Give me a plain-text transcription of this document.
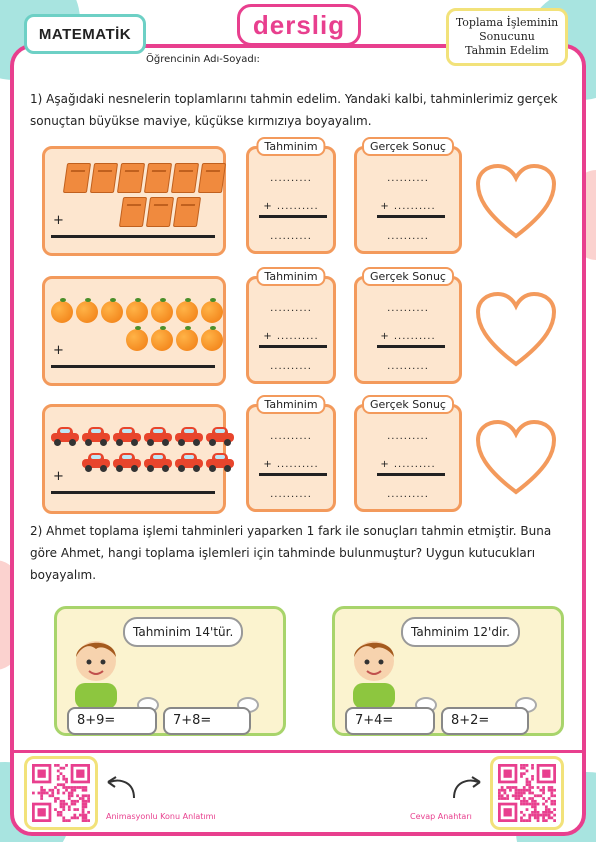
MATEMATİK	derslig	Toplama İşleminin
Sonucunu
Tahmin Edelim
Öğrencinin Adı-Soyadı:
1) Aşağıdaki nesnelerin toplamlarını tahmin edelim. Yandaki kalbi, tahminlerimiz gerçek
sonuçtan büyükse maviye, küçükse kırmızıya boyayalım.
+
Tahminim
..........
+ ..........
..........
Gerçek Sonuç
..........
+ ..........
..........
+
Tahminim
..........
+ ..........
..........
Gerçek Sonuç
..........
+ ..........
..........
+
Tahminim
..........
+ ..........
..........
Gerçek Sonuç
..........
+ ..........
..........
2) Ahmet toplama işlemi tahminleri yaparken 1 fark ile sonuçları tahmin etmiştir. Buna
göre Ahmet, hangi toplama işlemleri için tahminde bulunmuştur? Uygun kutucukları
boyayalım.
Tahminim 14'tür.
8+9=	7+8=
Tahminim 12'dir.
7+4=	8+2=
Animasyonlu Konu Anlatımı	Cevap Anahtarı
